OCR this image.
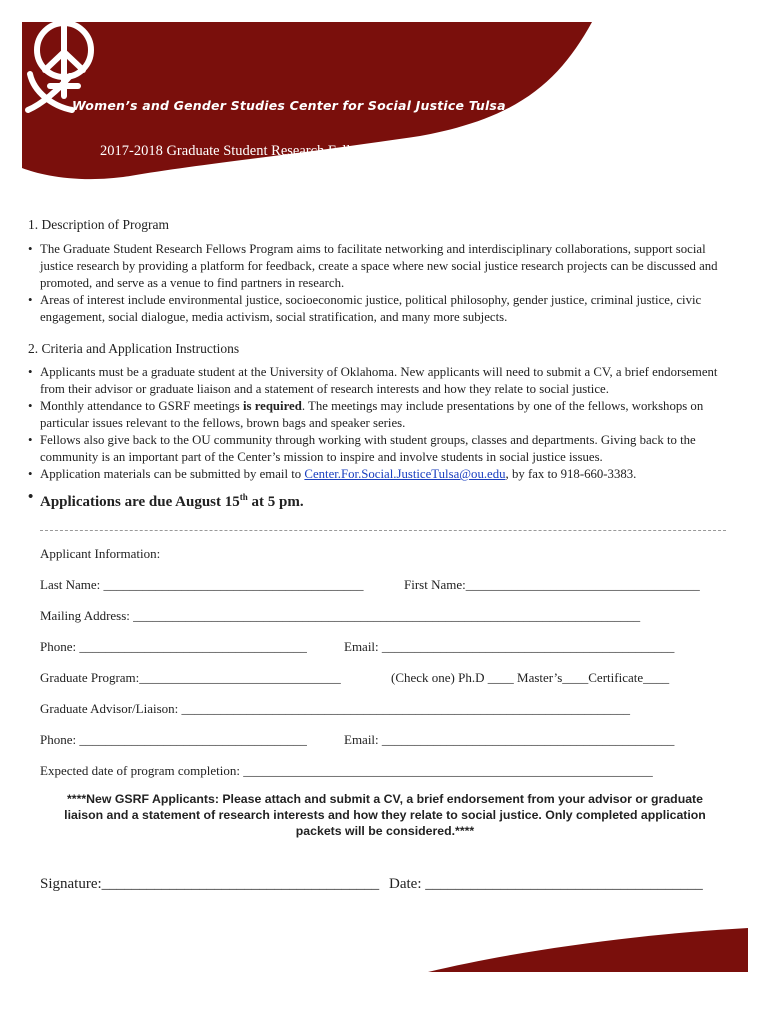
Women’s and Gender Studies Center for Social Justice Tulsa
2017-2018 Graduate Student Research Fellows
1. Description of Program
• The Graduate Student Research Fellows Program aims to facilitate networking and interdisciplinary collaborations, support social justice research by providing a platform for feedback, create a space where new social justice research projects can be discussed and promoted, and serve as a venue to find partners in research.
• Areas of interest include environmental justice, socioeconomic justice, political philosophy, gender justice, criminal justice, civic engagement, social dialogue, media activism, social stratification, and many more subjects.
2. Criteria and Application Instructions
• Applicants must be a graduate student at the University of Oklahoma. New applicants will need to submit a CV, a brief endorsement from their advisor or graduate liaison and a statement of research interests and how they relate to social justice.
• Monthly attendance to GSRF meetings is required. The meetings may include presentations by one of the fellows, workshops on particular issues relevant to the fellows, brown bags and speaker series.
• Fellows also give back to the OU community through working with student groups, classes and departments. Giving back to the community is an important part of the Center’s mission to inspire and involve students in social justice issues.
• Application materials can be submitted by email to Center.For.Social.JusticeTulsa@ou.edu, by fax to 918-660-3383.
• Applications are due August 15th at 5 pm.
Applicant Information:
Last Name: ________________________________________	First Name:____________________________________
Mailing Address: ______________________________________________________________________________
Phone: ___________________________________	Email: _____________________________________________
Graduate Program:_______________________________	(Check one) Ph.D ____ Master’s____Certificate____
Graduate Advisor/Liaison: _____________________________________________________________________
Phone: ___________________________________	Email: _____________________________________________
Expected date of program completion: _______________________________________________________________
****New GSRF Applicants: Please attach and submit a CV, a brief endorsement from your advisor or graduate liaison and a statement of research interests and how they relate to social justice. Only completed application packets will be considered.****
Signature:_____________________________________ Date: _____________________________________
